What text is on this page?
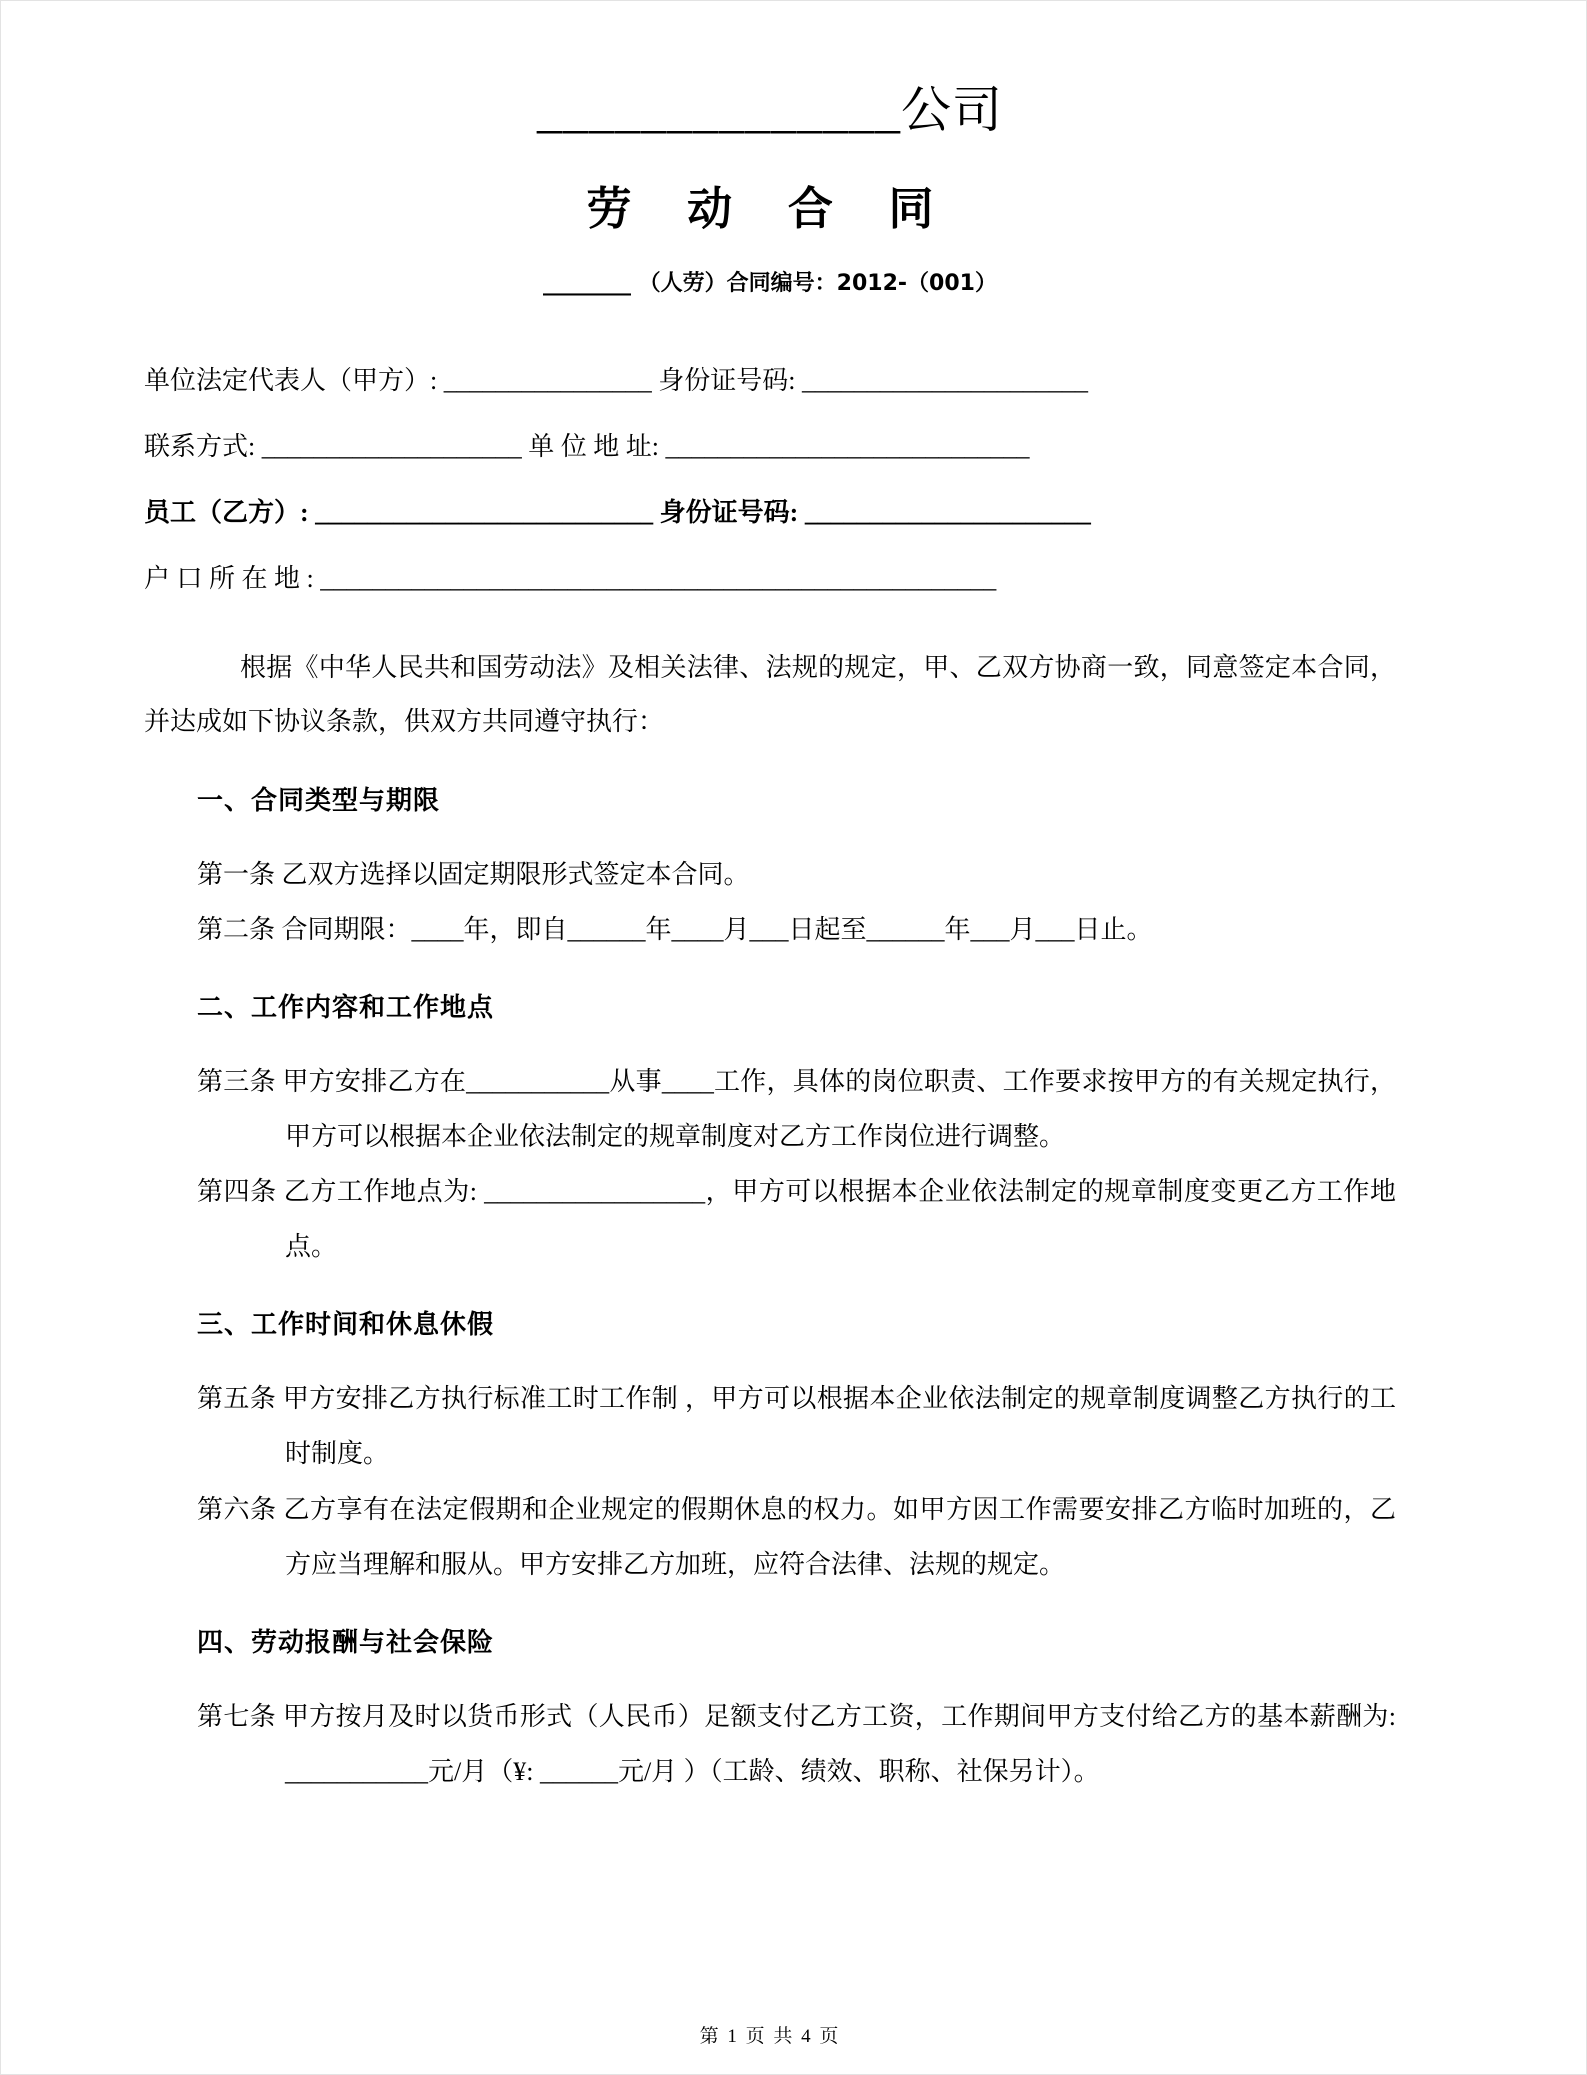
______________公司
劳 动 合 同
________ （人劳）合同编号：2012-（001）

单位法定代表人（甲方）: ________________ 身份证号码: ______________________

联系方式: ____________________ 单 位 地 址: ____________________________

员工（乙方）: __________________________ 身份证号码: ______________________

户 口 所 在 地 : ____________________________________________________

根据《中华人民共和国劳动法》及相关法律、法规的规定，甲、乙双方协商一致，同意签定本合同，并达成如下协议条款，供双方共同遵守执行：

一、合同类型与期限

第一条 乙双方选择以固定期限形式签定本合同。

第二条 合同期限：____年，即自______年____月___日起至______年___月___日止。

二、工作内容和工作地点

第三条 甲方安排乙方在___________从事____工作，具体的岗位职责、工作要求按甲方的有关规定执行，甲方可以根据本企业依法制定的规章制度对乙方工作岗位进行调整。

第四条 乙方工作地点为: _________________，甲方可以根据本企业依法制定的规章制度变更乙方工作地点。

三、工作时间和休息休假

第五条 甲方安排乙方执行标准工时工作制 ，甲方可以根据本企业依法制定的规章制度调整乙方执行的工时制度。

第六条 乙方享有在法定假期和企业规定的假期休息的权力。如甲方因工作需要安排乙方临时加班的，乙方应当理解和服从。甲方安排乙方加班，应符合法律、法规的规定。

四、劳动报酬与社会保险

第七条 甲方按月及时以货币形式（人民币）足额支付乙方工资，工作期间甲方支付给乙方的基本薪酬为: ___________元/月（¥: ______元/月 ）（工龄、绩效、职称、社保另计）。

第 1 页 共 4 页
